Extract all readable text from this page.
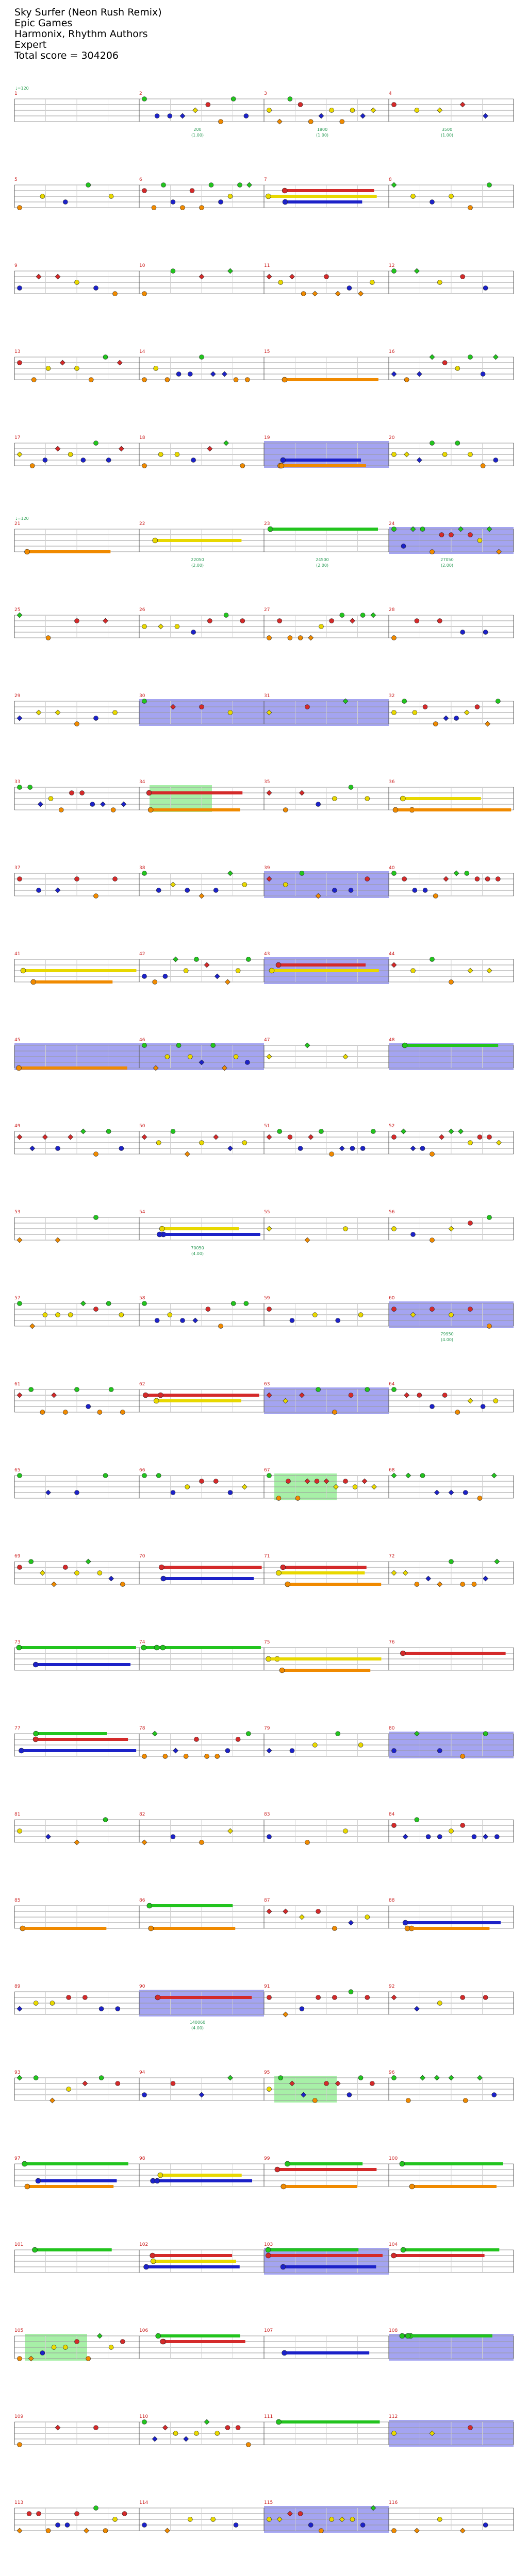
Sky Surfer (Neon Rush Remix)
Epic Games
Harmonix, Rhythm Authors
Expert
Total score = 304206
1
♩=120
2
200
(1.00)
3
1800
(1.00)
4
3500
(1.00)
5	6	7	8
9	10	11	12
13	14	15	16
17	18	19	20
21
♩=120
22
22050
(2.00)
23
24500
(2.00)
24
27050
(2.00)
25	26	27	28
29	30	31	32
33	34	35	36
37	38	39	40
41	42	43	44
45	46	47	48
49	50	51	52
53	54
70050
(4.00)
55	56
57	58	59	60
79950
(4.00)
61	62	63	64
65	66	67	68
69	70	71	72
73	74	75	76
77	78	79	80
81	82	83	84
85	86	87	88
89	90
140060
(4.00)
91	92
93	94	95	96
97	98	99	100
101	102	103	104
105	106	107	108
109	110	111	112
113	114	115	116
